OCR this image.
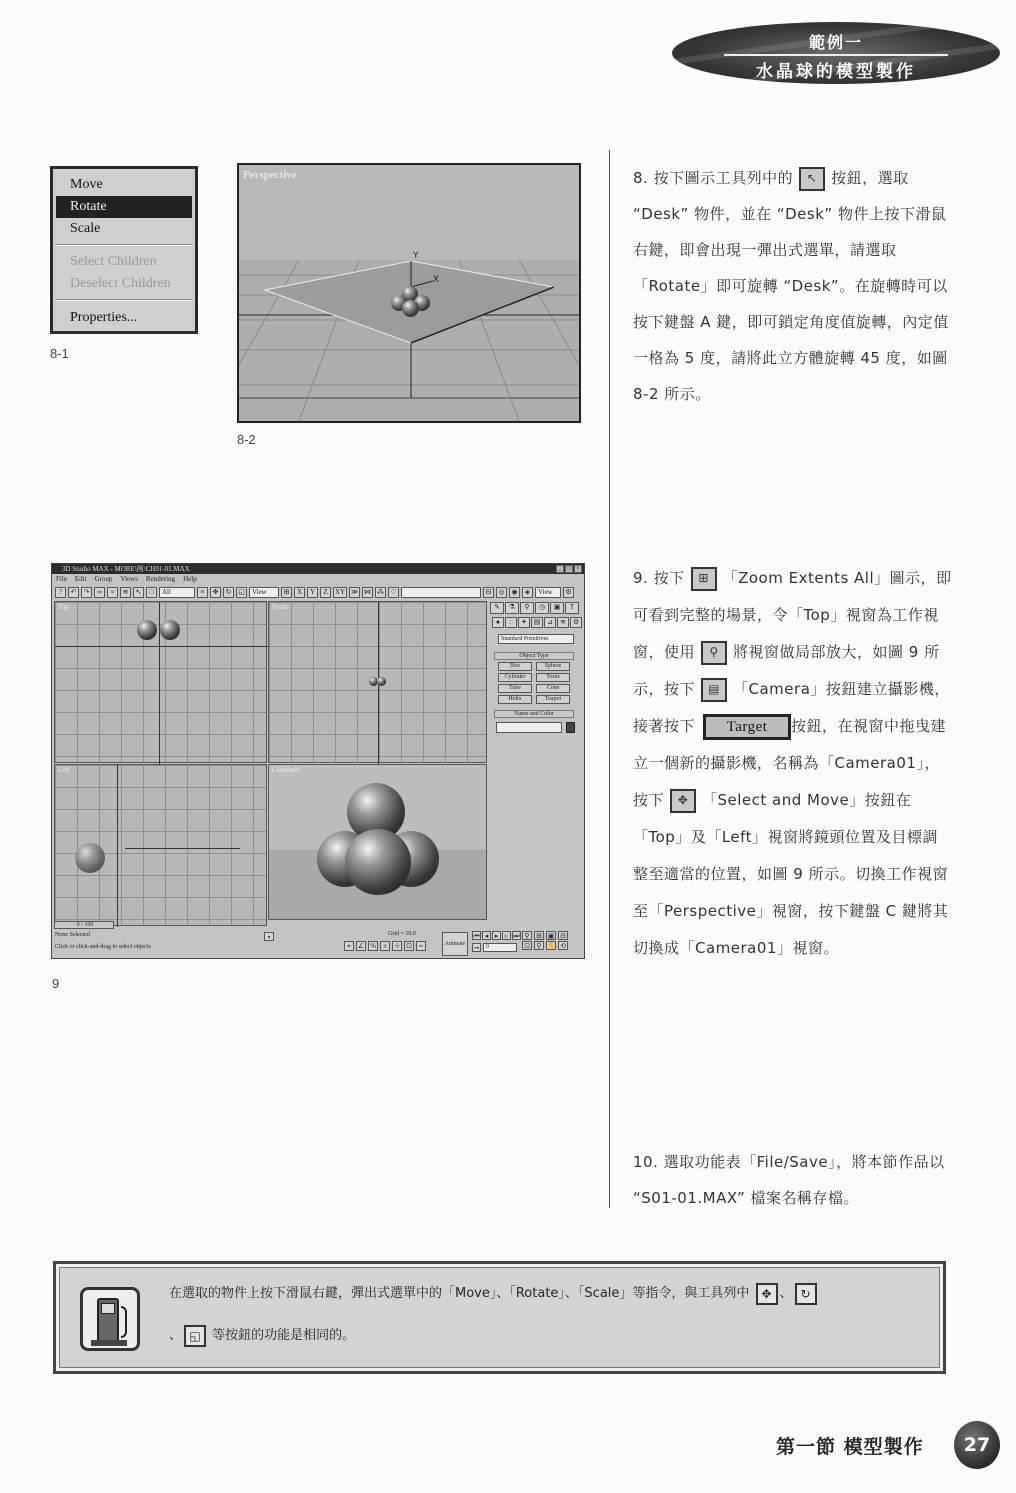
範例一
水晶球的模型製作
Move
Rotate
Scale
Select Children
Deselect Children
Properties...
8-1
Perspective
Y
X
8-2
3D Studio MAX - MORE\例\CH01-01.MAX	_ □ ×
File Edit Group Views Rendering Help
?	↶	↷	∞	≈	≋	↖	□	All	≡	✥	↻ ◱	View	⊞	X	Y	Z	XY ≫ ⋈ ⁂ ♡	⊟	◎ ◉	◈	View	⚙
Top	Front
Left	Camera01
✎	⚗	⚲	◷	▣	T
●	◌	✦ ▤ ⊿	≋ ⚙
Standard Primitives
Object Type
Box	Sphere
Cylinder	Torus
Tube	Cone
Helix	Teapot
Name and Color
0 / 100
None Selected
Click or click-and-drag to select objects
▪	Grid = 10.0
⌖ ∠ %	±	⊹ ⊡ ⌁	Animate
⏮ ◂ ▸ ▹ ⏭
⊸	0
⚲ ⊞ ▣ ⊟
⊡ ⚲ ✋ ⟲
9
8. 按下圖示工具列中的 ↖ 按鈕，選取 “Desk” 物件，並在 “Desk” 物件上按下滑鼠右鍵，即會出現一彈出式選單，請選取「Rotate」即可旋轉 “Desk”。在旋轉時可以按下鍵盤 A 鍵，即可鎖定角度值旋轉，內定值一格為 5 度，請將此立方體旋轉 45 度，如圖 8-2 所示。
9. 按下 ⊞ 「Zoom Extents All」圖示，即可看到完整的場景，令「Top」視窗為工作視窗，使用 ⚲ 將視窗做局部放大，如圖 9 所示，按下 ▤ 「Camera」按鈕建立攝影機，接著按下 Target 按鈕，在視窗中拖曳建立一個新的攝影機，名稱為「Camera01」，按下 ✥ 「Select and Move」按鈕在「Top」及「Left」視窗將鏡頭位置及目標調整至適當的位置，如圖 9 所示。切換工作視窗至「Perspective」視窗，按下鍵盤 C 鍵將其切換成「Camera01」視窗。
10. 選取功能表「File/Save」，將本節作品以 “S01-01.MAX” 檔案名稱存檔。
在選取的物件上按下滑鼠右鍵，彈出式選單中的「Move」、「Rotate」、「Scale」等指令，與工具列中 ✥ 、 ↻
、 ◱ 等按鈕的功能是相同的。
第一節 模型製作	27
